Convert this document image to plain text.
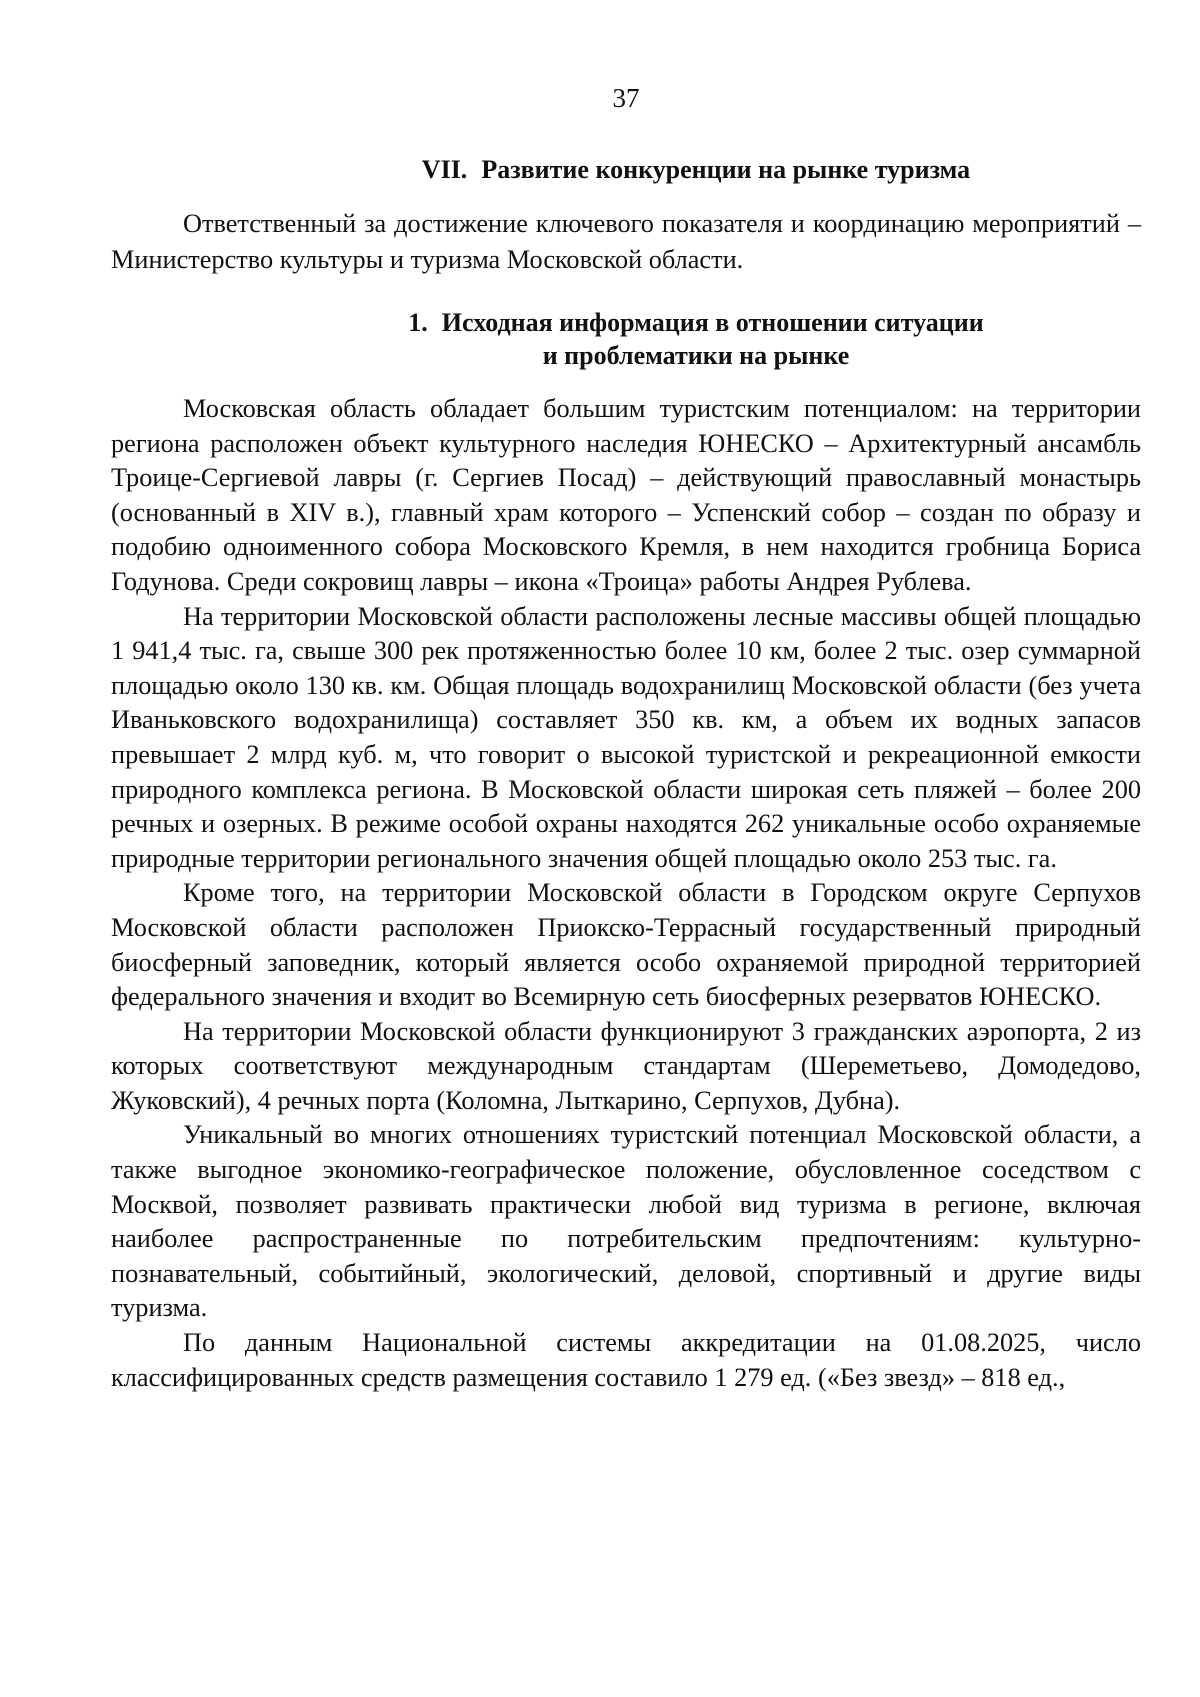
37
VII. Развитие конкуренции на рынке туризма

Ответственный за достижение ключевого показателя и координацию мероприятий – Министерство культуры и туризма Московской области.

1. Исходная информация в отношении ситуации
и проблематики на рынке

Московская область обладает большим туристским потенциалом: на территории региона расположен объект культурного наследия ЮНЕСКО – Архитектурный ансамбль Троице-Сергиевой лавры (г. Сергиев Посад) – действующий православный монастырь (основанный в XIV в.), главный храм которого – Успенский собор – создан по образу и подобию одноименного собора Московского Кремля, в нем находится гробница Бориса Годунова. Среди сокровищ лавры – икона «Троица» работы Андрея Рублева.

На территории Московской области расположены лесные массивы общей площадью 1 941,4 тыс. га, свыше 300 рек протяженностью более 10 км, более 2 тыс. озер суммарной площадью около 130 кв. км. Общая площадь водохранилищ Московской области (без учета Иваньковского водохранилища) составляет 350 кв. км, а объем их водных запасов превышает 2 млрд куб. м, что говорит о высокой туристской и рекреационной емкости природного комплекса региона. В Московской области широкая сеть пляжей – более 200 речных и озерных. В режиме особой охраны находятся 262 уникальные особо охраняемые природные территории регионального значения общей площадью около 253 тыс. га.

Кроме того, на территории Московской области в Городском округе Серпухов Московской области расположен Приокско-Террасный государственный природный биосферный заповедник, который является особо охраняемой природной территорией федерального значения и входит во Всемирную сеть биосферных резерватов ЮНЕСКО.

На территории Московской области функционируют 3 гражданских аэропорта, 2 из которых соответствуют международным стандартам (Шереметьево, Домодедово, Жуковский), 4 речных порта (Коломна, Лыткарино, Серпухов, Дубна).

Уникальный во многих отношениях туристский потенциал Московской области, а также выгодное экономико-географическое положение, обусловленное соседством с Москвой, позволяет развивать практически любой вид туризма в регионе, включая наиболее распространенные по потребительским предпочтениям: культурно-познавательный, событийный, экологический, деловой, спортивный и другие виды туризма.

По данным Национальной системы аккредитации на 01.08.2025, число классифицированных средств размещения составило 1 279 ед. («Без звезд» – 818 ед.,
